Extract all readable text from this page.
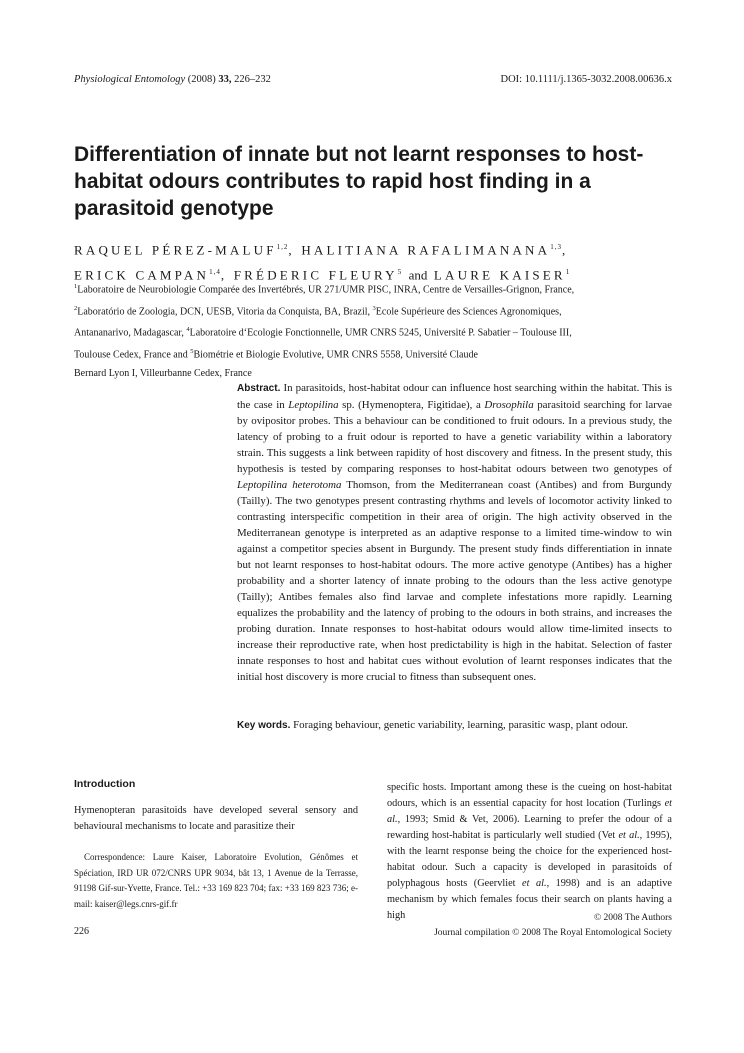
Physiological Entomology (2008) 33, 226–232	DOI: 10.1111/j.1365-3032.2008.00636.x
Differentiation of innate but not learnt responses to host-habitat odours contributes to rapid host finding in a parasitoid genotype
RAQUEL PÉREZ-MALUF$^{1,2}$, HALITIANA RAFALIMANANA$^{1,3}$,
ERICK CAMPAN$^{1,4}$, FRÉDERIC FLEURY$^5$ and LAURE KAISER$^1$
$^1$Laboratoire de Neurobiologie Comparée des Invertébrés, UR 271/UMR PISC, INRA, Centre de Versailles-Grignon, France,
$^2$Laboratório de Zoologia, DCN, UESB, Vitoria da Conquista, BA, Brazil, $^3$Ecole Supérieure des Sciences Agronomiques,
Antananarivo, Madagascar, $^4$Laboratoire d‘Ecologie Fonctionnelle, UMR CNRS 5245, Université P. Sabatier – Toulouse III,
Toulouse Cedex, France and $^5$Biométrie et Biologie Evolutive, UMR CNRS 5558, Université Claude
Bernard Lyon I, Villeurbanne Cedex, France
Abstract. In parasitoids, host-habitat odour can influence host searching within the habitat. This is the case in Leptopilina sp. (Hymenoptera, Figitidae), a Drosophila parasitoid searching for larvae by ovipositor probes. This a behaviour can be conditioned to fruit odours. In a previous study, the latency of probing to a fruit odour is reported to have a genetic variability within a laboratory strain. This suggests a link between rapidity of host discovery and fitness. In the present study, this hypothesis is tested by comparing responses to host-habitat odours between two genotypes of Leptopilina heterotoma Thomson, from the Mediterranean coast (Antibes) and from Burgundy (Tailly). The two genotypes present contrasting rhythms and levels of locomotor activity linked to contrasting interspecific competition in their area of origin. The high activity observed in the Mediterranean genotype is interpreted as an adaptive response to a limited time-window to win against a competitor species absent in Burgundy. The present study finds differentiation in innate but not learnt responses to host-habitat odours. The more active genotype (Antibes) has a higher probability and a shorter latency of innate probing to the odours than the less active genotype (Tailly); Antibes females also find larvae and complete infestations more rapidly. Learning equalizes the probability and the latency of probing to the odours in both strains, and increases the probing duration. Innate responses to host-habitat odours would allow time-limited insects to increase their reproductive rate, when host predictability is high in the habitat. Selection of faster innate responses to host and habitat cues without evolution of learnt responses indicates that the initial host discovery is more crucial to fitness than subsequent ones.
Key words. Foraging behaviour, genetic variability, learning, parasitic wasp, plant odour.
Introduction
Hymenopteran parasitoids have developed several sensory and behavioural mechanisms to locate and parasitize their
Correspondence: Laure Kaiser, Laboratoire Evolution, Génômes et Spéciation, IRD UR 072/CNRS UPR 9034, bât 13, 1 Avenue de la Terrasse, 91198 Gif-sur-Yvette, France. Tel.: +33 169 823 704; fax: +33 169 823 736; e-mail: kaiser@legs.cnrs-gif.fr
specific hosts. Important among these is the cueing on host-habitat odours, which is an essential capacity for host location (Turlings et al., 1993; Smid & Vet, 2006). Learning to prefer the odour of a rewarding host-habitat is particularly well studied (Vet et al., 1995), with the learnt response being the choice for the experienced host-habitat odour. Such a capacity is developed in parasitoids of polyphagous hosts (Geervliet et al., 1998) and is an adaptive mechanism by which females focus their search on plants having a high
226
© 2008 The Authors
Journal compilation © 2008 The Royal Entomological Society
